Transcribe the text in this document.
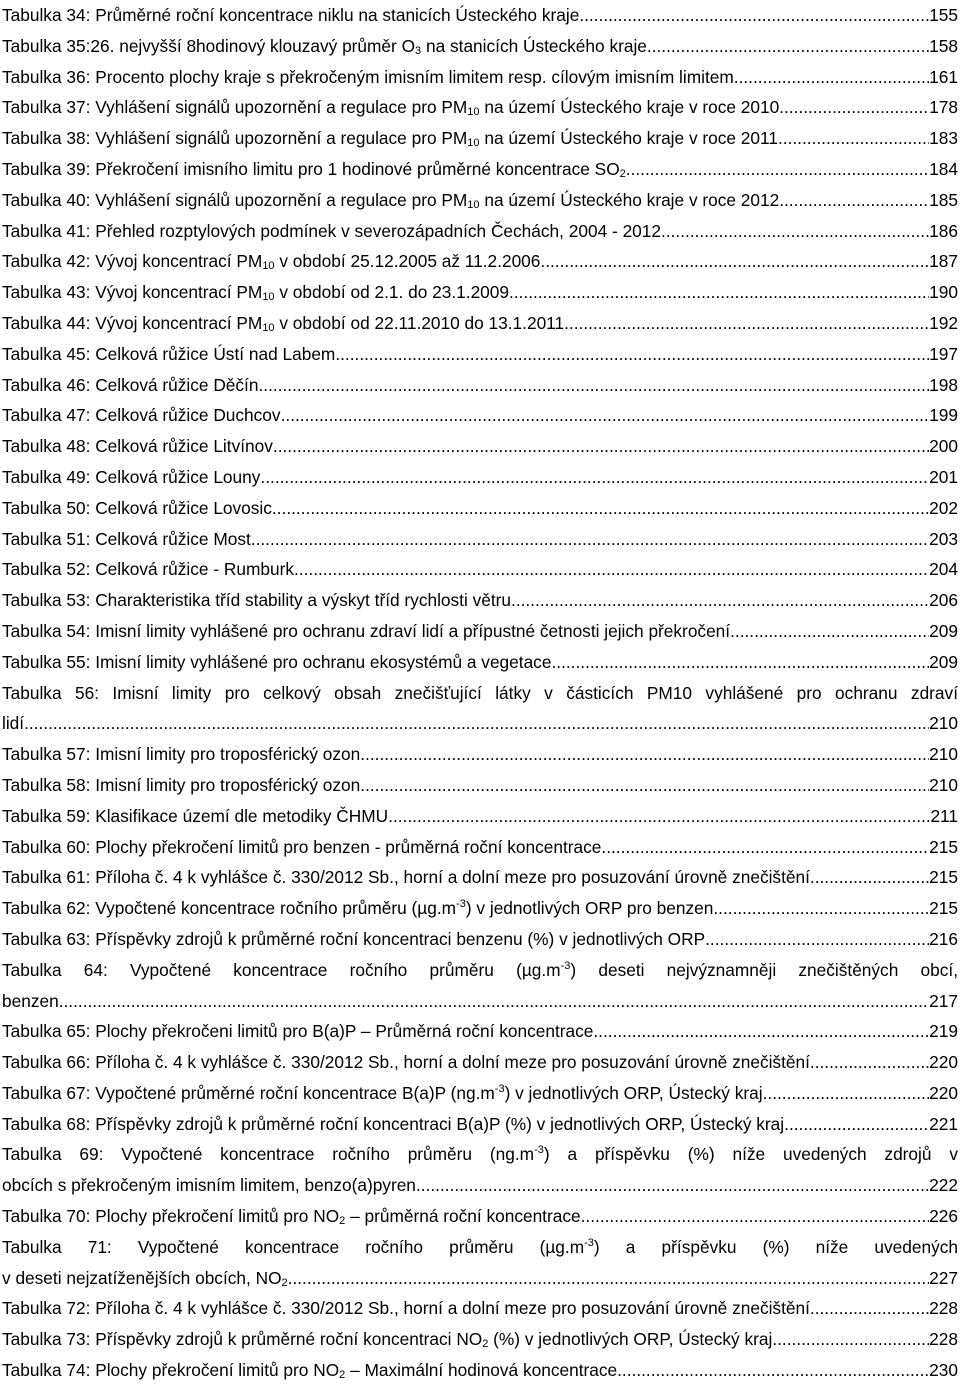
Tabulka 34: Průměrné roční koncentrace niklu na stanicích Ústeckého kraje .....	155
Tabulka 35:26. nejvyšší 8hodinový klouzavý průměr $O_3$ na stanicích Ústeckého kraje .....	158
Tabulka 36: Procento plochy kraje s překročeným imisním limitem resp. cílovým imisním limitem .....	161
Tabulka 37: Vyhlášení signálů upozornění a regulace pro $PM_{10}$ na území Ústeckého kraje v roce 2010 .....	178
Tabulka 38: Vyhlášení signálů upozornění a regulace pro $PM_{10}$ na území Ústeckého kraje v roce 2011 .....	183
Tabulka 39: Překročení imisního limitu pro 1 hodinové průměrné koncentrace $SO_2$ .....	184
Tabulka 40: Vyhlášení signálů upozornění a regulace pro $PM_{10}$ na území Ústeckého kraje v roce 2012 .....	185
Tabulka 41: Přehled rozptylových podmínek v severozápadních Čechách, 2004 - 2012 .....	186
Tabulka 42: Vývoj koncentrací $PM_{10}$ v období 25.12.2005 až 11.2.2006 .....	187
Tabulka 43: Vývoj koncentrací $PM_{10}$ v období od 2.1. do 23.1.2009 .....	190
Tabulka 44: Vývoj koncentrací $PM_{10}$ v období od 22.11.2010 do 13.1.2011 .....	192
Tabulka 45: Celková růžice Ústí nad Labem .....	197
Tabulka 46: Celková růžice Děčín .....	198
Tabulka 47: Celková růžice Duchcov .....	199
Tabulka 48: Celková růžice Litvínov .....	200
Tabulka 49: Celková růžice Louny .....	201
Tabulka 50: Celková růžice Lovosic .....	202
Tabulka 51: Celková růžice Most .....	203
Tabulka 52: Celková růžice - Rumburk .....	204
Tabulka 53: Charakteristika tříd stability a výskyt tříd rychlosti větru .....	206
Tabulka 54: Imisní limity vyhlášené pro ochranu zdraví lidí a přípustné četnosti jejich překročení .....	209
Tabulka 55: Imisní limity vyhlášené pro ochranu ekosystémů a vegetace .....	209
Tabulka 56: Imisní limity pro celkový obsah znečišťující látky v částicích PM10 vyhlášené pro ochranu zdraví
lidí .....	210
Tabulka 57: Imisní limity pro troposférický ozon .....	210
Tabulka 58: Imisní limity pro troposférický ozon .....	210
Tabulka 59: Klasifikace území dle metodiky ČHMU .....	211
Tabulka 60: Plochy překročení limitů pro benzen - průměrná roční koncentrace .....	215
Tabulka 61: Příloha č. 4 k vyhlášce č. 330/2012 Sb., horní a dolní meze pro posuzování úrovně znečištění .....	215
Tabulka 62: Vypočtené koncentrace ročního průměru $(\mu g.m^{-3})$ v jednotlivých ORP pro benzen .....	215
Tabulka 63: Příspěvky zdrojů k průměrné roční koncentraci benzenu (%) v jednotlivých ORP .....	216
Tabulka 64: Vypočtené koncentrace ročního průměru $(\mu g.m^{-3})$ deseti nejvýznamněji znečištěných obcí,
benzen .....	217
Tabulka 65: Plochy překročeni limitů pro B(a)P – Průměrná roční koncentrace .....	219
Tabulka 66: Příloha č. 4 k vyhlášce č. 330/2012 Sb., horní a dolní meze pro posuzování úrovně znečištění .....	220
Tabulka 67: Vypočtené průměrné roční koncentrace B(a)P $(ng.m^{-3})$ v jednotlivých ORP, Ústecký kraj .....	220
Tabulka 68: Příspěvky zdrojů k průměrné roční koncentraci B(a)P (%) v jednotlivých ORP, Ústecký kraj .....	221
Tabulka 69: Vypočtené koncentrace ročního průměru $(ng.m^{-3})$ a příspěvku (%) níže uvedených zdrojů v
obcích s překročeným imisním limitem, benzo(a)pyren .....	222
Tabulka 70: Plochy překročení limitů pro $NO_2$ – průměrná roční koncentrace .....	226
Tabulka 71: Vypočtené koncentrace ročního průměru $(\mu g.m^{-3})$ a příspěvku (%) níže uvedených
v deseti nejzatíženějších obcích, $NO_2$ .....	227
Tabulka 72: Příloha č. 4 k vyhlášce č. 330/2012 Sb., horní a dolní meze pro posuzování úrovně znečištění .....	228
Tabulka 73: Příspěvky zdrojů k průměrné roční koncentraci $NO_2$ (%) v jednotlivých ORP, Ústecký kraj .....	228
Tabulka 74: Plochy překročení limitů pro $NO_2$ – Maximální hodinová koncentrace .....	230
